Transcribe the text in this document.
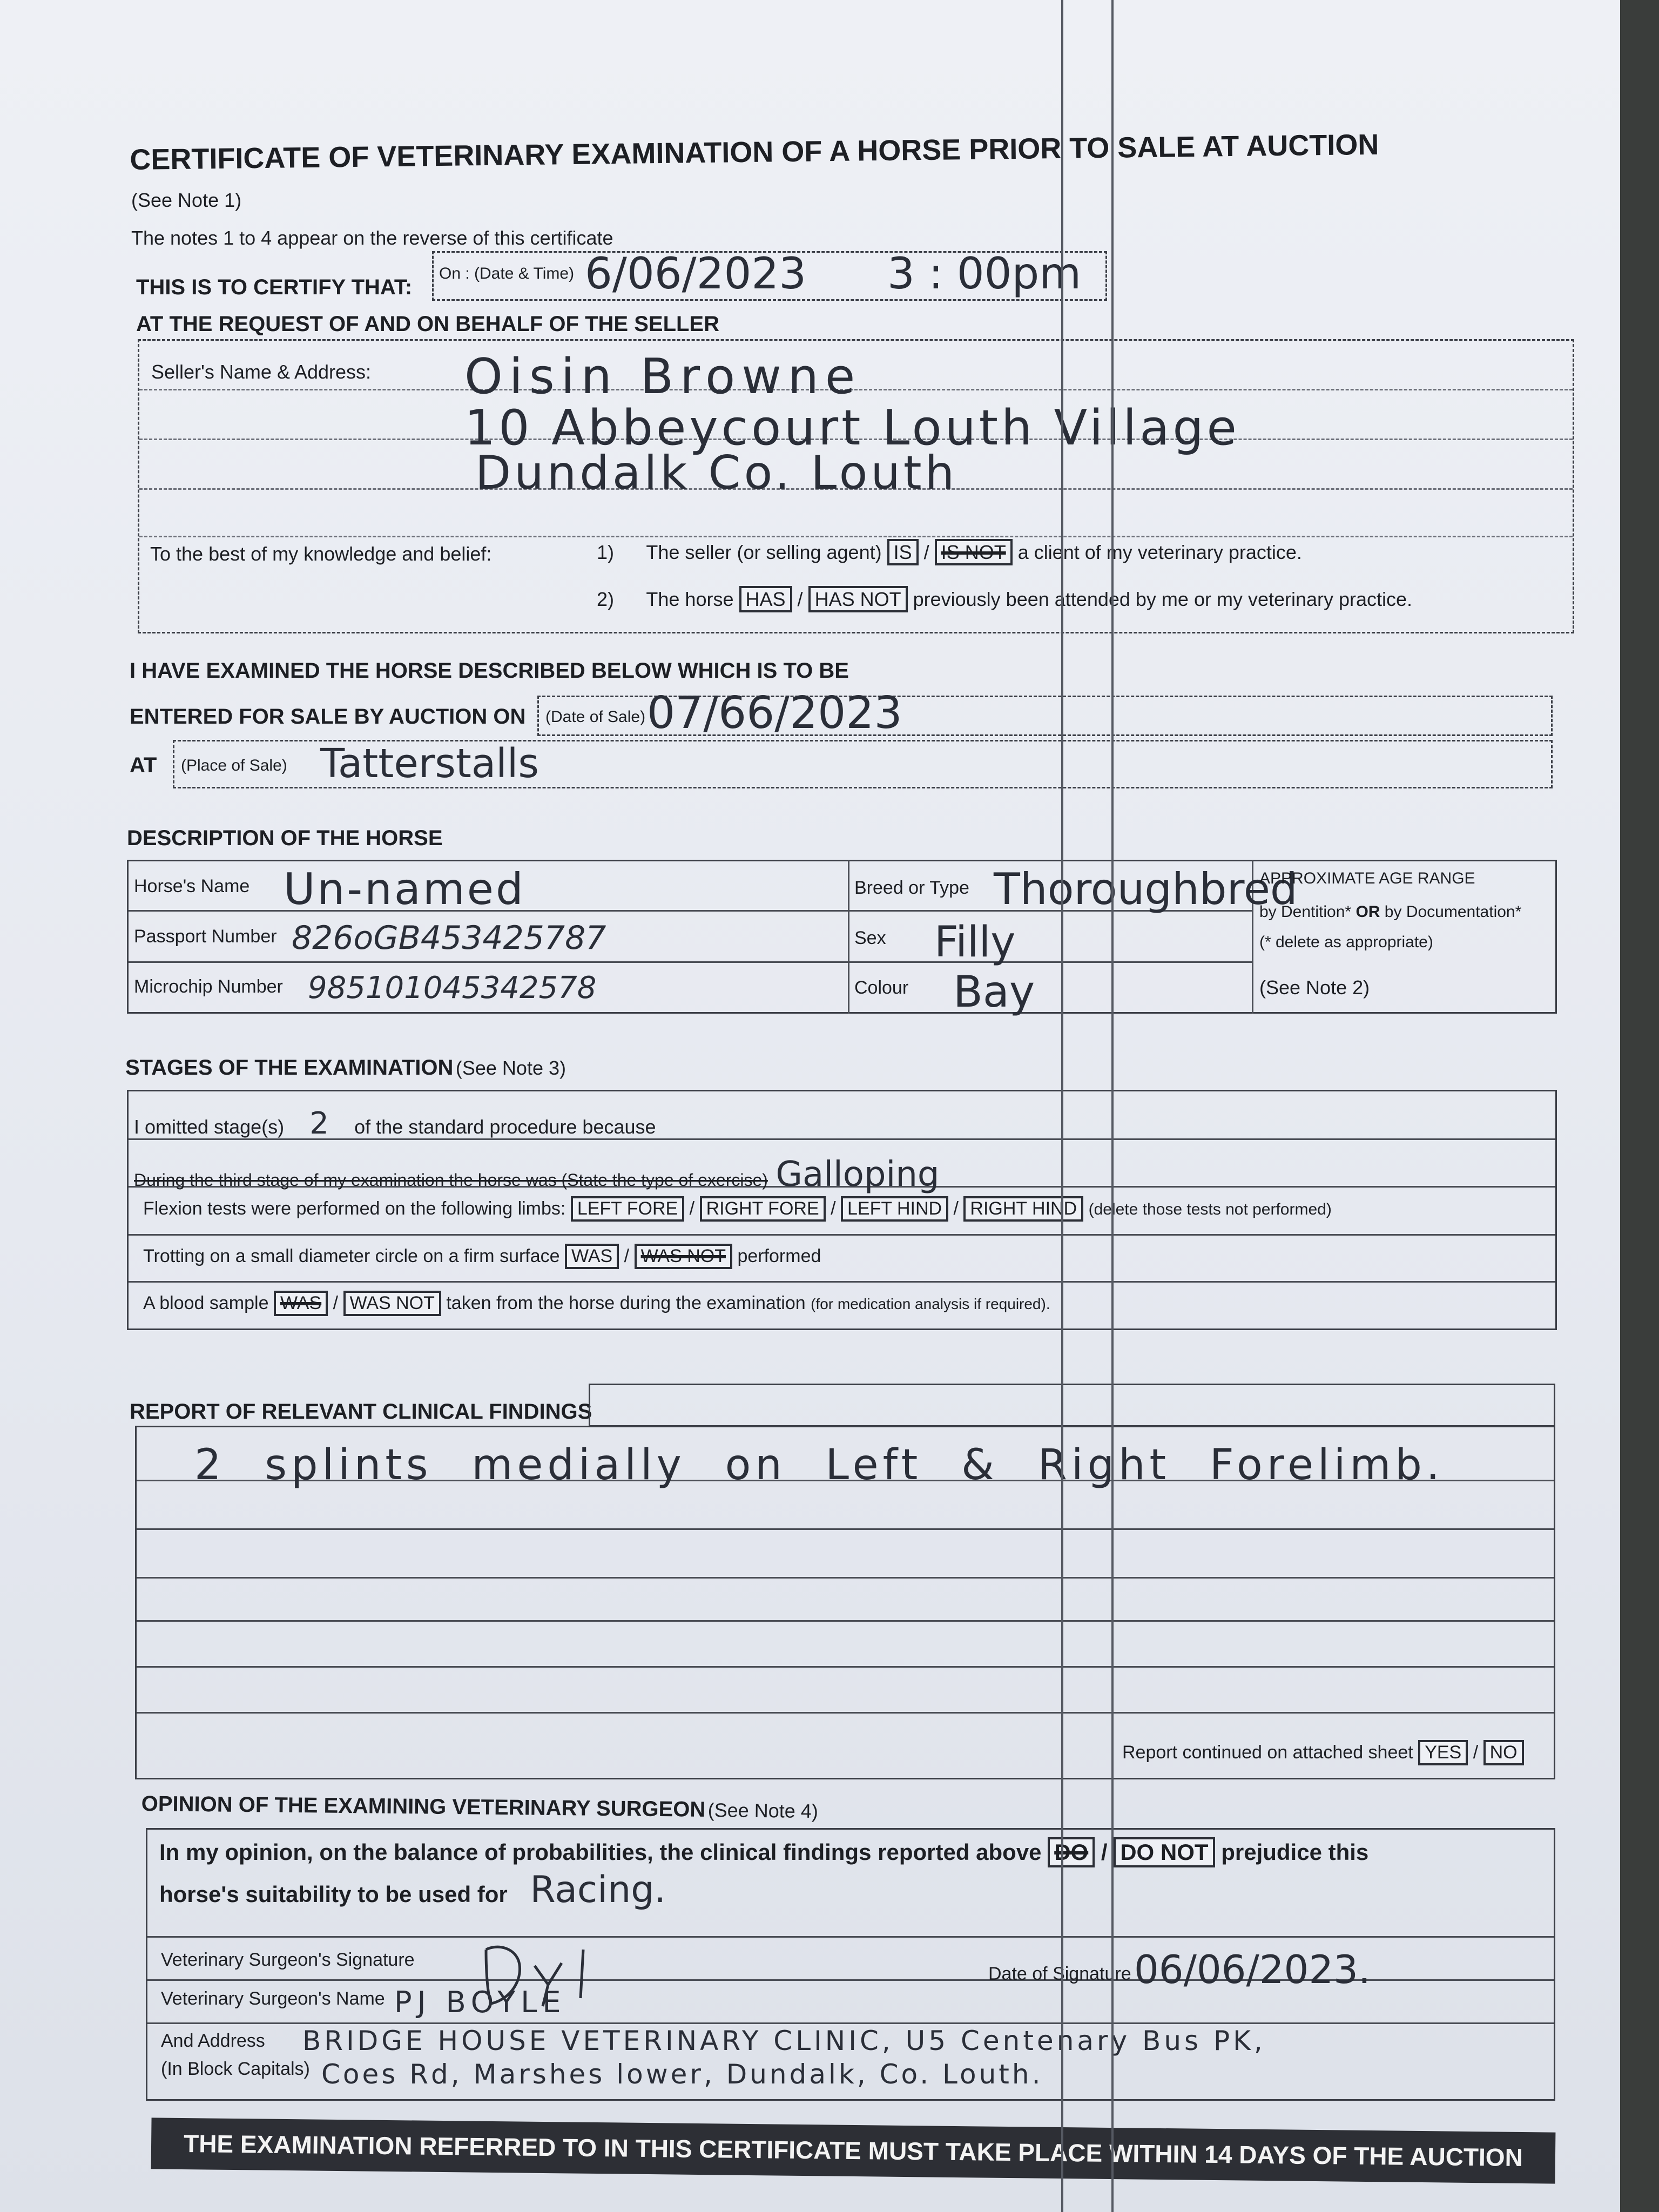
CERTIFICATE OF VETERINARY EXAMINATION OF A HORSE PRIOR TO SALE AT AUCTION
(See Note 1)
The notes 1 to 4 appear on the reverse of this certificate
THIS IS TO CERTIFY THAT:
On : (Date & Time) 6/06/2023 3 : 00pm
AT THE REQUEST OF AND ON BEHALF OF THE SELLER
Seller's Name & Address: Oisin Browne
10 Abbeycourt Louth Village
Dundalk Co. Louth
To the best of my knowledge and belief:	1) The seller (or selling agent) IS / IS NOT a client of my veterinary practice.
2) The horse HAS / HAS NOT previously been attended by me or my veterinary practice.
I HAVE EXAMINED THE HORSE DESCRIBED BELOW WHICH IS TO BE
ENTERED FOR SALE BY AUCTION ON (Date of Sale) 07/66/2023
AT (Place of Sale) Tatterstalls
DESCRIPTION OF THE HORSE
Horse's Name Un-named
Passport Number 826oGB453425787
Microchip Number 985101045342578
Breed or Type Thoroughbred
Sex Filly
Colour Bay
APPROXIMATE AGE RANGE
by Dentition* OR by Documentation*
(* delete as appropriate)
(See Note 2)
STAGES OF THE EXAMINATION (See Note 3)
I omitted stage(s) 2 of the standard procedure because
During the third stage of my examination the horse was (State the type of exercise) Galloping
Flexion tests were performed on the following limbs: LEFT FORE / RIGHT FORE / LEFT HIND / RIGHT HIND (delete those tests not performed)
Trotting on a small diameter circle on a firm surface WAS / WAS NOT performed
A blood sample WAS / WAS NOT taken from the horse during the examination (for medication analysis if required).
REPORT OF RELEVANT CLINICAL FINDINGS
2 splints medially on Left & Right Forelimb.
Report continued on attached sheet YES / NO
OPINION OF THE EXAMINING VETERINARY SURGEON (See Note 4)
In my opinion, on the balance of probabilities, the clinical findings reported above DO / DO NOT prejudice this
horse's suitability to be used for Racing.
Veterinary Surgeon's Signature
Date of Signature 06/06/2023.
Veterinary Surgeon's Name PJ BOYLE
And Address
(In Block Capitals)
BRIDGE HOUSE VETERINARY CLINIC, U5 Centenary Bus PK,
Coes Rd, Marshes lower, Dundalk, Co. Louth.
THE EXAMINATION REFERRED TO IN THIS CERTIFICATE MUST TAKE PLACE WITHIN 14 DAYS OF THE AUCTION
